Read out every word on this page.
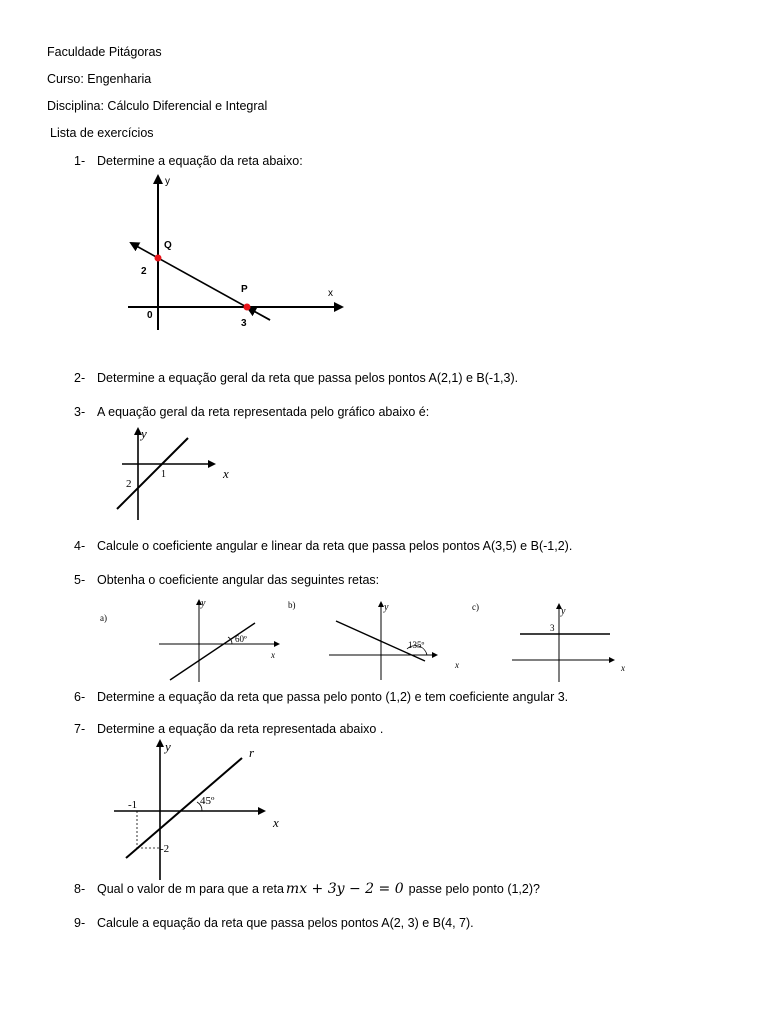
Faculdade Pitágoras
Curso: Engenharia
Disciplina: Cálculo Diferencial e Integral
Lista de exercícios
1- Determine a equação da reta abaixo:
y
x
Q
P
2
0
3
2- Determine a equação geral da reta que passa pelos pontos A(2,1) e B(-1,3).
3- A equação geral da reta representada pelo gráfico abaixo é:
y
x
1
2
4- Calcule o coeficiente angular e linear da reta que passa pelos pontos A(3,5) e B(-1,2).
5- Obtenha o coeficiente angular das seguintes retas:
a)
y
x
60º
b)	y
x
135º
c)	y
x
3
6- Determine a equação da reta que passa pelo ponto (1,2) e tem coeficiente angular 3.
7- Determine a equação da reta representada abaixo .
y
x
r
-1
-2
45º
8- Qual o valor de m para que a reta mx + 3y − 2 = 0 passe pelo ponto (1,2)?
9- Calcule a equação da reta que passa pelos pontos A(2, 3) e B(4, 7).
